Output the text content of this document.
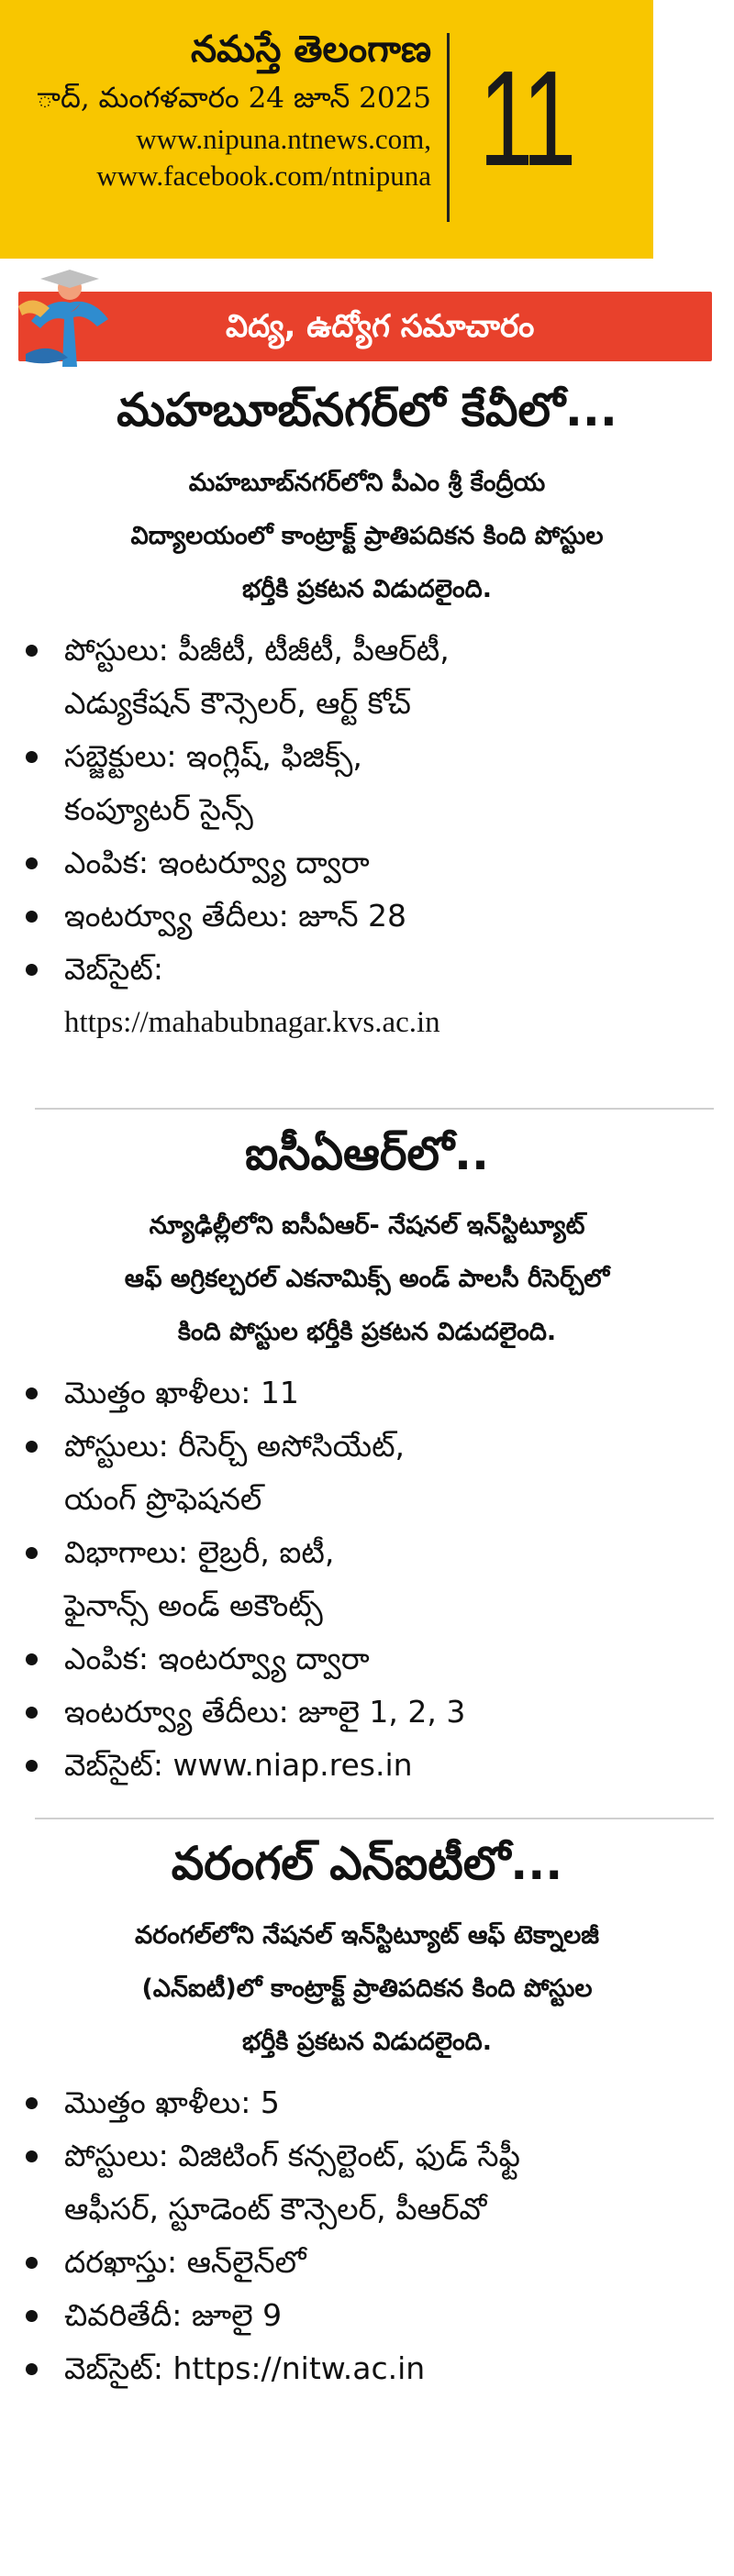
నమస్తే తెలంగాణ
ాద్, మంగళవారం 24 జూన్ 2025
www.nipuna.ntnews.com,
www.facebook.com/ntnipuna 11
విద్య, ఉద్యోగ సమాచారం
మహబూబ్‌నగర్‌లో కేవీలో...

మహబూబ్‌నగర్‌లోని పీఎం శ్రీ కేంద్రీయ

విద్యాలయంలో కాంట్రాక్ట్ ప్రాతిపదికన కింది పోస్టుల

భర్తీకి ప్రకటన విడుదలైంది.

పోస్టులు: పీజీటీ, టీజీటీ, పీఆర్‌టీ,
ఎడ్యుకేషన్ కౌన్సెలర్, ఆర్ట్ కోచ్
సబ్జెక్టులు: ఇంగ్లిష్, ఫిజిక్స్,
కంప్యూటర్ సైన్స్
ఎంపిక: ఇంటర్వ్యూ ద్వారా
ఇంటర్వ్యూ తేదీలు: జూన్ 28
వెబ్‌సైట్:
https://mahabubnagar.kvs.ac.in
ఐసీఏఆర్‌లో..

న్యూఢిల్లీలోని ఐసీఏఆర్- నేషనల్ ఇన్‌స్టిట్యూట్

ఆఫ్ అగ్రికల్చరల్ ఎకనామిక్స్ అండ్ పాలసీ రీసెర్చ్‌లో

కింది పోస్టుల భర్తీకి ప్రకటన విడుదలైంది.

మొత్తం ఖాళీలు: 11
పోస్టులు: రీసెర్చ్ అసోసియేట్,
యంగ్ ప్రొఫెషనల్
విభాగాలు: లైబ్రరీ, ఐటీ,
ఫైనాన్స్ అండ్ అకౌంట్స్
ఎంపిక: ఇంటర్వ్యూ ద్వారా
ఇంటర్వ్యూ తేదీలు: జూలై 1, 2, 3
వెబ్‌సైట్: www.niap.res.in
వరంగల్ ఎన్ఐటీలో...

వరంగల్‌లోని నేషనల్ ఇన్‌స్టిట్యూట్ ఆఫ్ టెక్నాలజీ

(ఎన్ఐటీ)లో కాంట్రాక్ట్ ప్రాతిపదికన కింది పోస్టుల

భర్తీకి ప్రకటన విడుదలైంది.

మొత్తం ఖాళీలు: 5
పోస్టులు: విజిటింగ్ కన్సల్టెంట్, ఫుడ్ సేఫ్టీ
ఆఫీసర్, స్టూడెంట్ కౌన్సెలర్, పీఆర్‌వో
దరఖాస్తు: ఆన్‌లైన్‌లో
చివరితేదీ: జూలై 9
వెబ్‌సైట్: https://nitw.ac.in
